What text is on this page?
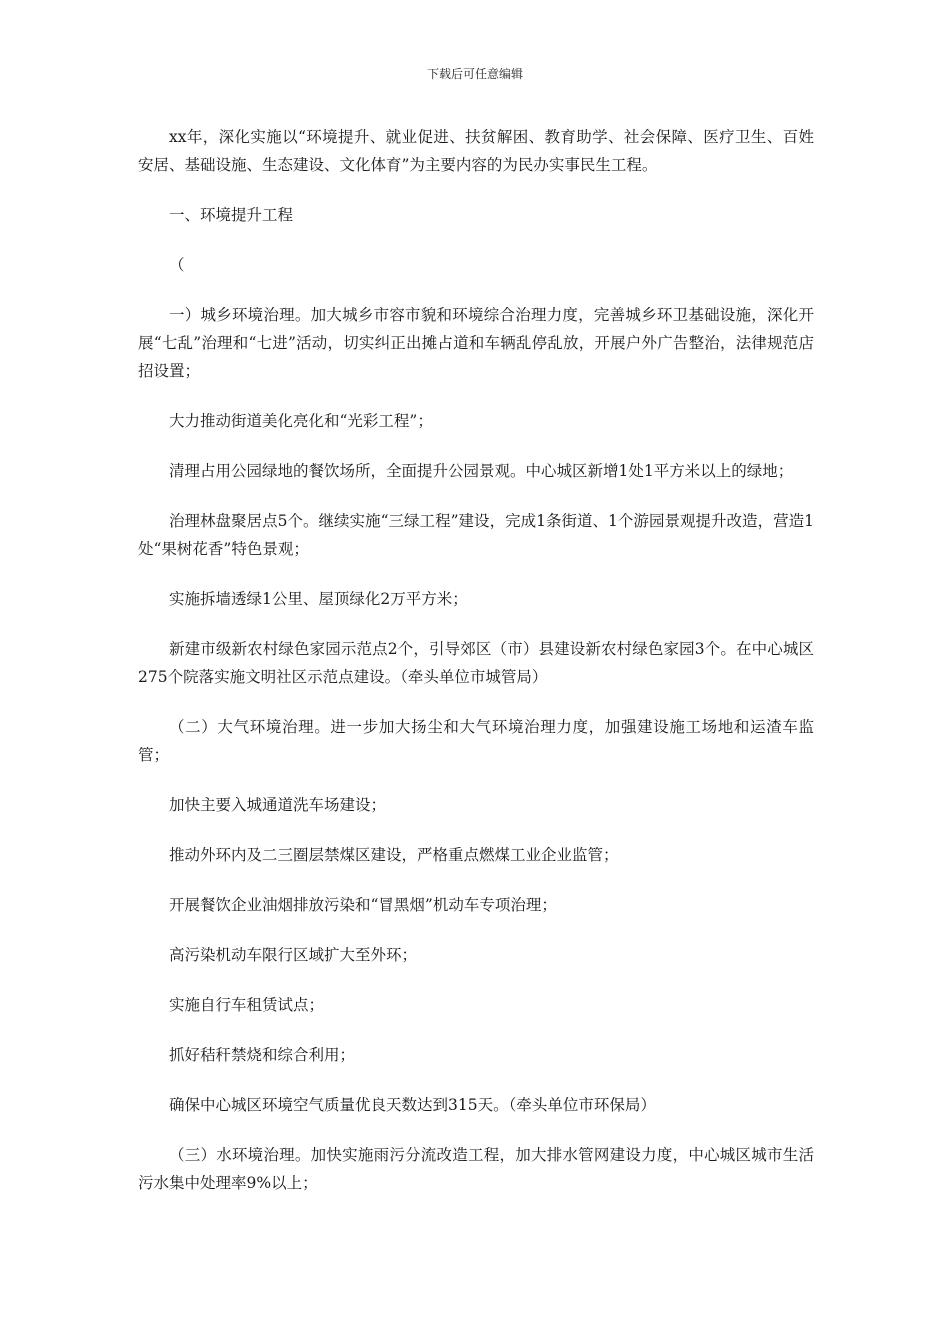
下载后可任意编辑

xx年，深化实施以“环境提升、就业促进、扶贫解困、教育助学、社会保障、医疗卫生、百姓安居、基础设施、生态建设、文化体育”为主要内容的为民办实事民生工程。

一、环境提升工程

（

一）城乡环境治理。加大城乡市容市貌和环境综合治理力度，完善城乡环卫基础设施，深化开展“七乱”治理和“七进”活动，切实纠正出摊占道和车辆乱停乱放，开展户外广告整治，法律规范店招设置；

大力推动街道美化亮化和“光彩工程”；

清理占用公园绿地的餐饮场所，全面提升公园景观。中心城区新增1处1平方米以上的绿地；

治理林盘聚居点5个。继续实施“三绿工程”建设，完成1条街道、1个游园景观提升改造，营造1处“果树花香”特色景观；

实施拆墙透绿1公里、屋顶绿化2万平方米；

新建市级新农村绿色家园示范点2个，引导郊区（市）县建设新农村绿色家园3个。在中心城区275个院落实施文明社区示范点建设。（牵头单位市城管局）

（二）大气环境治理。进一步加大扬尘和大气环境治理力度，加强建设施工场地和运渣车监管；

加快主要入城通道洗车场建设；

推动外环内及二三圈层禁煤区建设，严格重点燃煤工业企业监管；

开展餐饮企业油烟排放污染和“冒黑烟”机动车专项治理；

高污染机动车限行区域扩大至外环；

实施自行车租赁试点；

抓好秸秆禁烧和综合利用；

确保中心城区环境空气质量优良天数达到315天。（牵头单位市环保局）

（三）水环境治理。加快实施雨污分流改造工程，加大排水管网建设力度，中心城区城市生活污水集中处理率9%以上；
